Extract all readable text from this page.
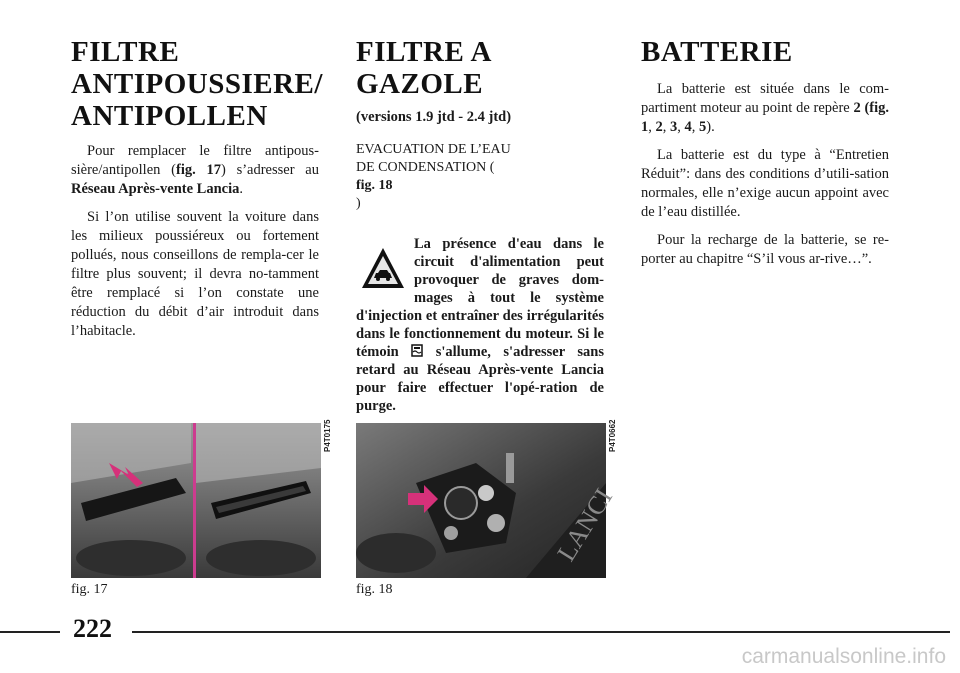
FILTRE
ANTIPOUSSIERE/
ANTIPOLLEN

Pour remplacer le filtre antipous-sière/antipollen (fig. 17) s’adresser au Réseau Après-vente Lancia.

Si l’on utilise souvent la voiture dans les milieux poussiéreux ou fortement pollués, nous conseillons de rempla-cer le filtre plus souvent; il devra no-tamment être remplacé si l’on constate une réduction du débit d’air introduit dans l’habitacle.

FILTRE A GAZOLE

(versions 1.9 jtd - 2.4 jtd)

EVACUATION DE L’EAU
DE CONDENSATION (
fig. 18
)

La présence d'eau dans le circuit d'alimentation peut provoquer de graves dom-mages à tout le système d'injection et entraîner des irrégularités dans le fonctionnement du moteur. Si le témoin  s'allume, s'adresser sans retard au Réseau Après-vente Lancia pour faire effectuer l'opé-ration de purge.
BATTERIE

La batterie est située dans le com-partiment moteur au point de repère 2 (fig. 1, 2, 3, 4, 5).

La batterie est du type à “Entretien Réduit”: dans des conditions d’utili-sation normales, elle n’exige aucun appoint avec de l’eau distillée.

Pour la recharge de la batterie, se re-porter au chapitre “S’il vous ar-rive…”.

P4T0175
fig. 17
LANCI
P4T0662
fig. 18
222
carmanualsonline.info
